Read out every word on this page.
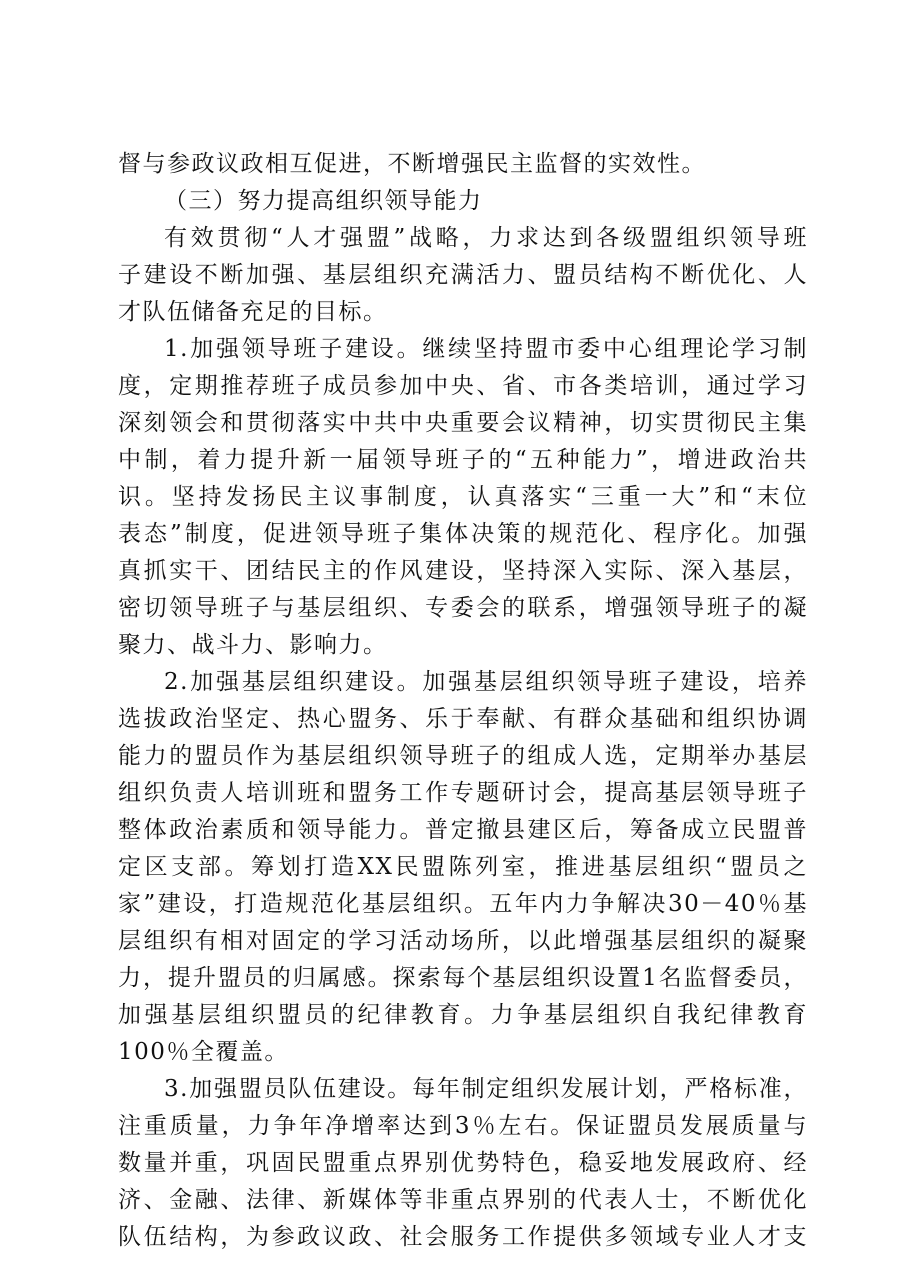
督与参政议政相互促进，不断增强民主监督的实效性。
（三）努力提高组织领导能力
有效贯彻“人才强盟”战略，力求达到各级盟组织领导班
子建设不断加强、基层组织充满活力、盟员结构不断优化、人
才队伍储备充足的目标。
1.加强领导班子建设。继续坚持盟市委中心组理论学习制
度，定期推荐班子成员参加中央、省、市各类培训，通过学习
深刻领会和贯彻落实中共中央重要会议精神，切实贯彻民主集
中制，着力提升新一届领导班子的“五种能力”，增进政治共
识。坚持发扬民主议事制度，认真落实“三重一大”和“末位
表态”制度，促进领导班子集体决策的规范化、程序化。加强
真抓实干、团结民主的作风建设，坚持深入实际、深入基层，
密切领导班子与基层组织、专委会的联系，增强领导班子的凝
聚力、战斗力、影响力。
2.加强基层组织建设。加强基层组织领导班子建设，培养
选拔政治坚定、热心盟务、乐于奉献、有群众基础和组织协调
能力的盟员作为基层组织领导班子的组成人选，定期举办基层
组织负责人培训班和盟务工作专题研讨会，提高基层领导班子
整体政治素质和领导能力。普定撤县建区后，筹备成立民盟普
定区支部。筹划打造XX民盟陈列室，推进基层组织“盟员之
家”建设，打造规范化基层组织。五年内力争解决30－40％基
层组织有相对固定的学习活动场所，以此增强基层组织的凝聚
力，提升盟员的归属感。探索每个基层组织设置1名监督委员，
加强基层组织盟员的纪律教育。力争基层组织自我纪律教育
100％全覆盖。
3.加强盟员队伍建设。每年制定组织发展计划，严格标准，
注重质量，力争年净增率达到3％左右。保证盟员发展质量与
数量并重，巩固民盟重点界别优势特色，稳妥地发展政府、经
济、金融、法律、新媒体等非重点界别的代表人士，不断优化
队伍结构，为参政议政、社会服务工作提供多领域专业人才支
